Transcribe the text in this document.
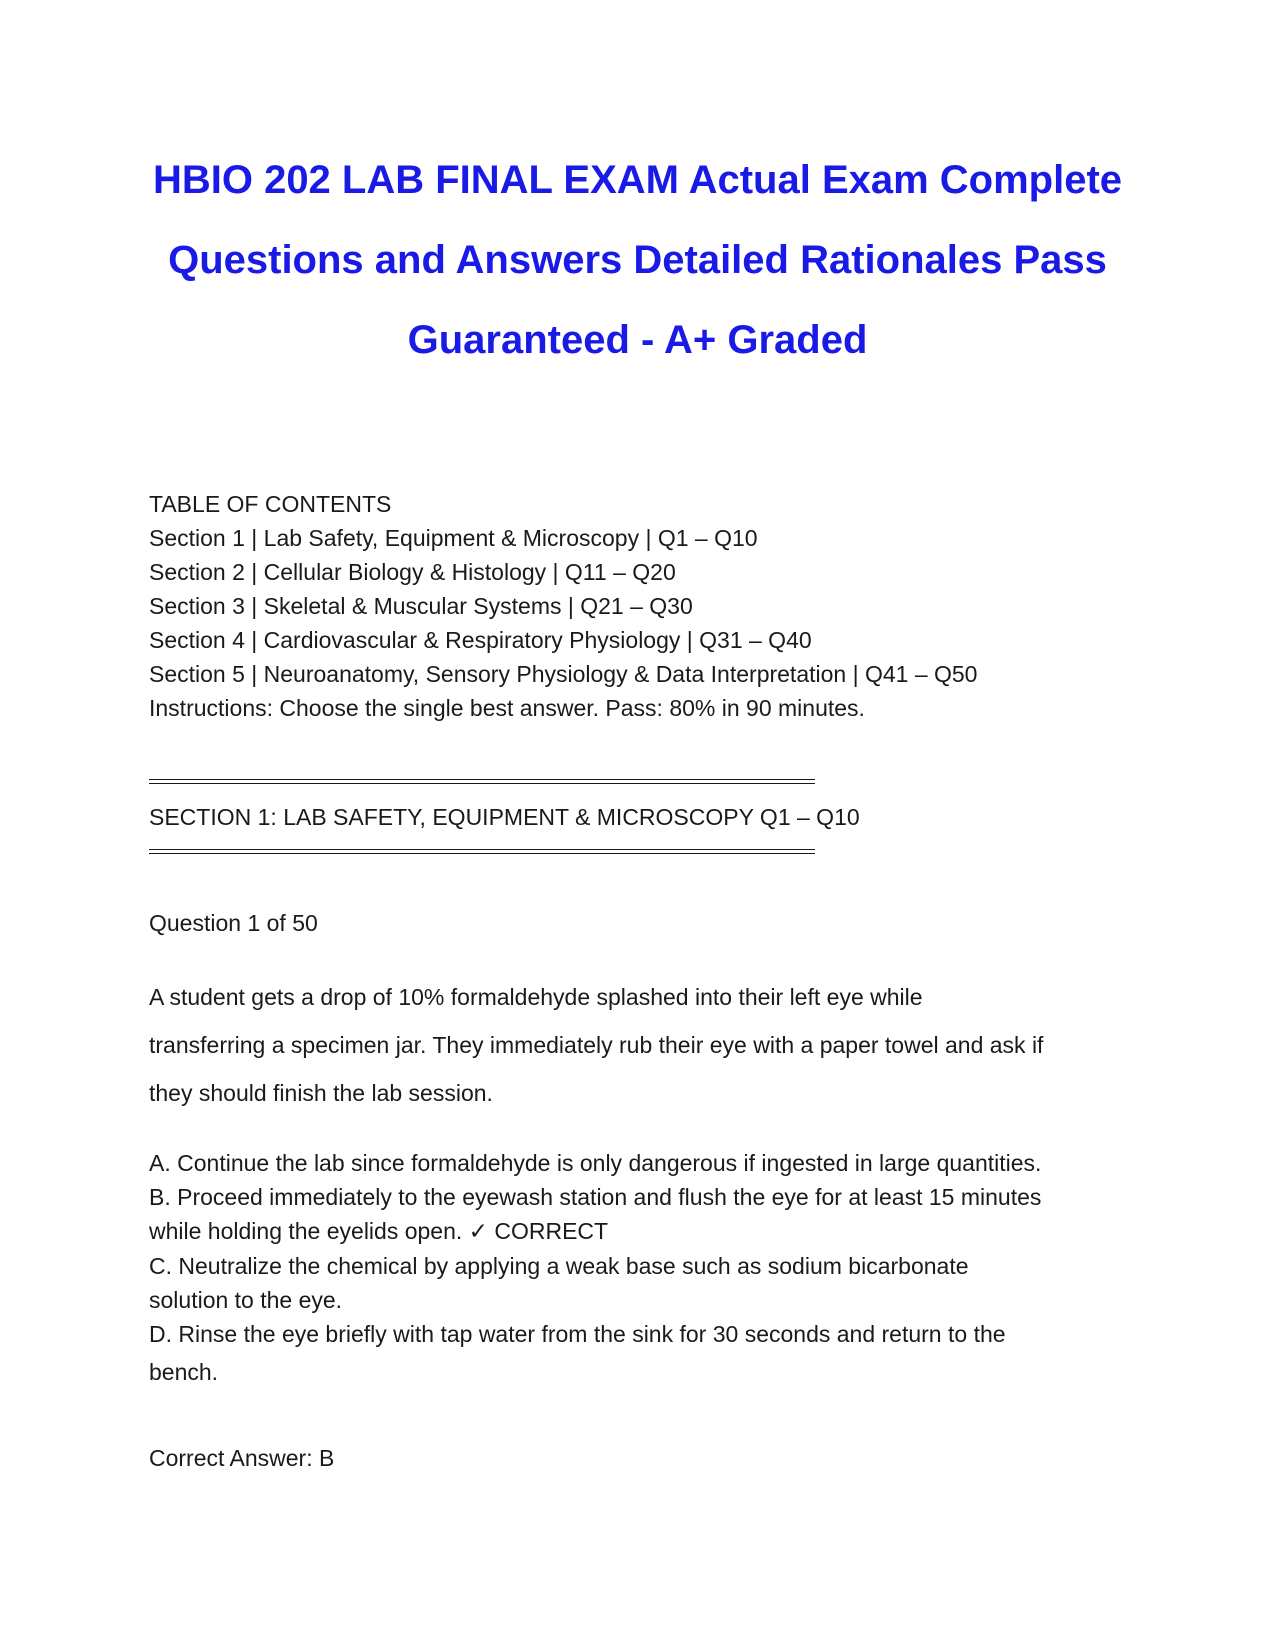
HBIO 202 LAB FINAL EXAM Actual Exam Complete
Questions and Answers Detailed Rationales Pass
Guaranteed - A+ Graded
TABLE OF CONTENTS
Section 1 | Lab Safety, Equipment & Microscopy | Q1 – Q10
Section 2 | Cellular Biology & Histology | Q11 – Q20
Section 3 | Skeletal & Muscular Systems | Q21 – Q30
Section 4 | Cardiovascular & Respiratory Physiology | Q31 – Q40
Section 5 | Neuroanatomy, Sensory Physiology & Data Interpretation | Q41 – Q50
Instructions: Choose the single best answer. Pass: 80% in 90 minutes.
SECTION 1: LAB SAFETY, EQUIPMENT & MICROSCOPY Q1 – Q10
Question 1 of 50
A student gets a drop of 10% formaldehyde splashed into their left eye while
transferring a specimen jar. They immediately rub their eye with a paper towel and ask if
they should finish the lab session.
A. Continue the lab since formaldehyde is only dangerous if ingested in large quantities.
B. Proceed immediately to the eyewash station and flush the eye for at least 15 minutes
while holding the eyelids open. ✓ CORRECT
C. Neutralize the chemical by applying a weak base such as sodium bicarbonate
solution to the eye.
D. Rinse the eye briefly with tap water from the sink for 30 seconds and return to the
bench.
Correct Answer: B
